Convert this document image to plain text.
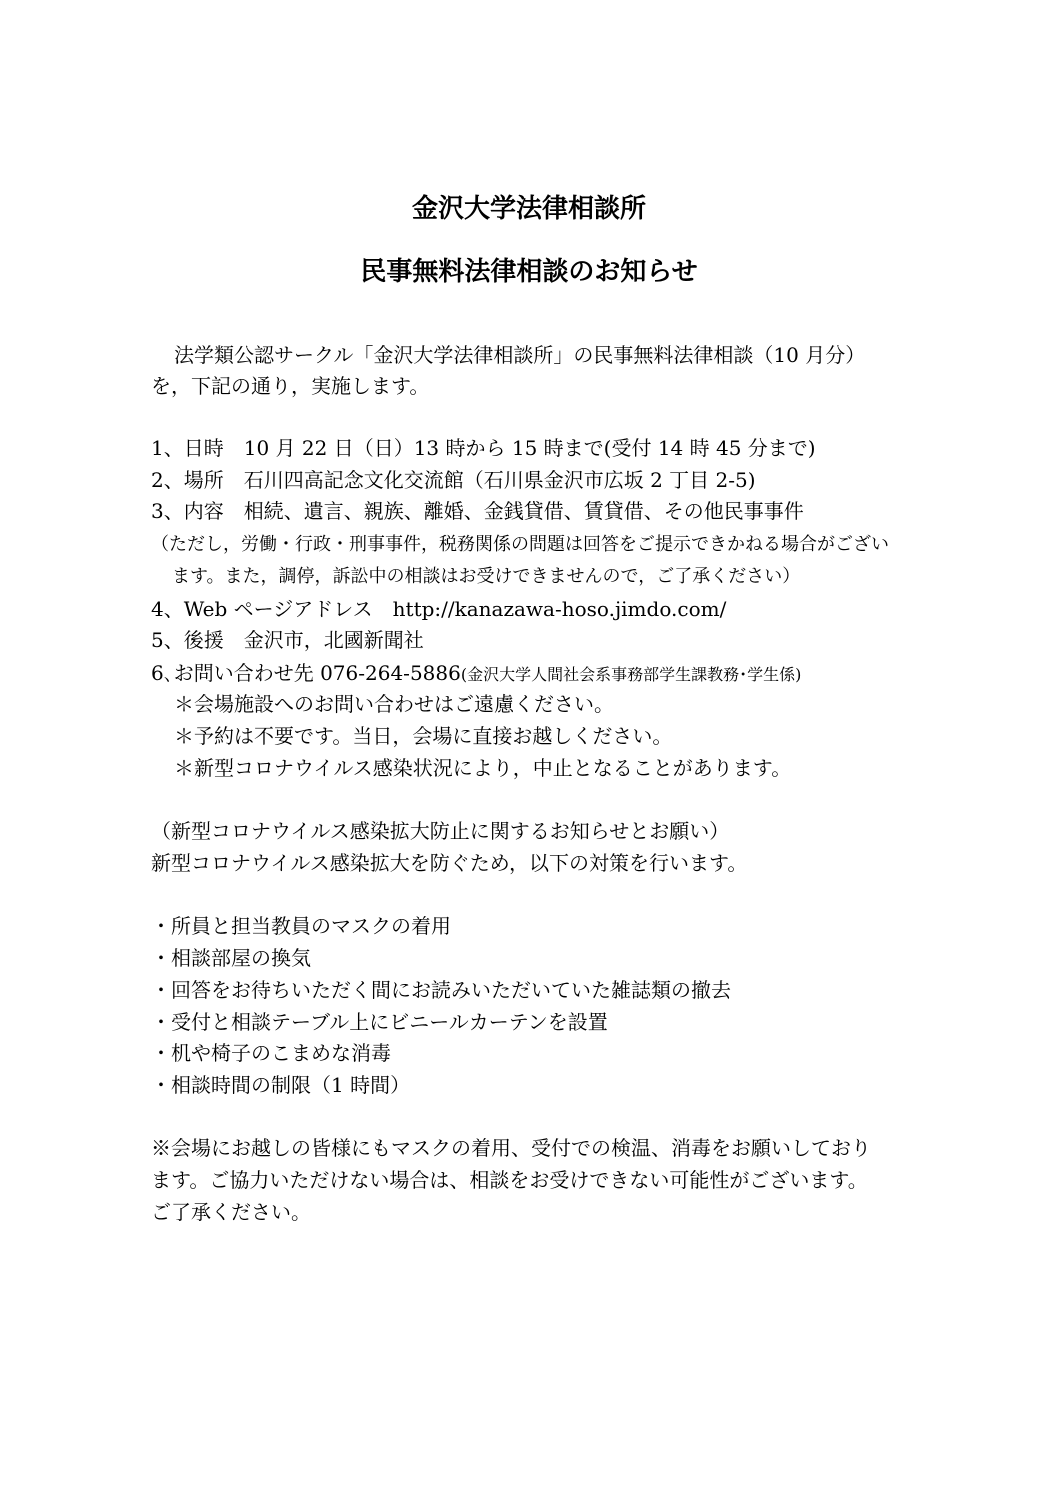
金沢大学法律相談所
民事無料法律相談のお知らせ

法学類公認サークル「金沢大学法律相談所」の民事無料法律相談（10 月分）

を，下記の通り，実施します。

1、日時　10 月 22 日（日）13 時から 15 時まで(受付 14 時 45 分まで)

2、場所　石川四高記念文化交流館（石川県金沢市広坂 2 丁目 2-5)

3、内容　相続、遺言、親族、離婚、金銭貸借、賃貸借、その他民事事件

（ただし，労働・行政・刑事事件，税務関係の問題は回答をご提示できかねる場合がござい

ます。また，調停，訴訟中の相談はお受けできませんので，ご了承ください）

4、Web ページアドレス　http://kanazawa-hoso.jimdo.com/

5、後援　金沢市，北國新聞社

6､お問い合わせ先 076‐264‐5886(金沢大学人間社会系事務部学生課教務･学生係)

＊会場施設へのお問い合わせはご遠慮ください。

＊予約は不要です。当日，会場に直接お越しください。

＊新型コロナウイルス感染状況により，中止となることがあります。

（新型コロナウイルス感染拡大防止に関するお知らせとお願い）

新型コロナウイルス感染拡大を防ぐため，以下の対策を行います。

・所員と担当教員のマスクの着用

・相談部屋の換気

・回答をお待ちいただく間にお読みいただいていた雑誌類の撤去

・受付と相談テーブル上にビニールカーテンを設置

・机や椅子のこまめな消毒

・相談時間の制限（1 時間）

※会場にお越しの皆様にもマスクの着用、受付での検温、消毒をお願いしており

ます。ご協力いただけない場合は、相談をお受けできない可能性がございます。

ご了承ください。
